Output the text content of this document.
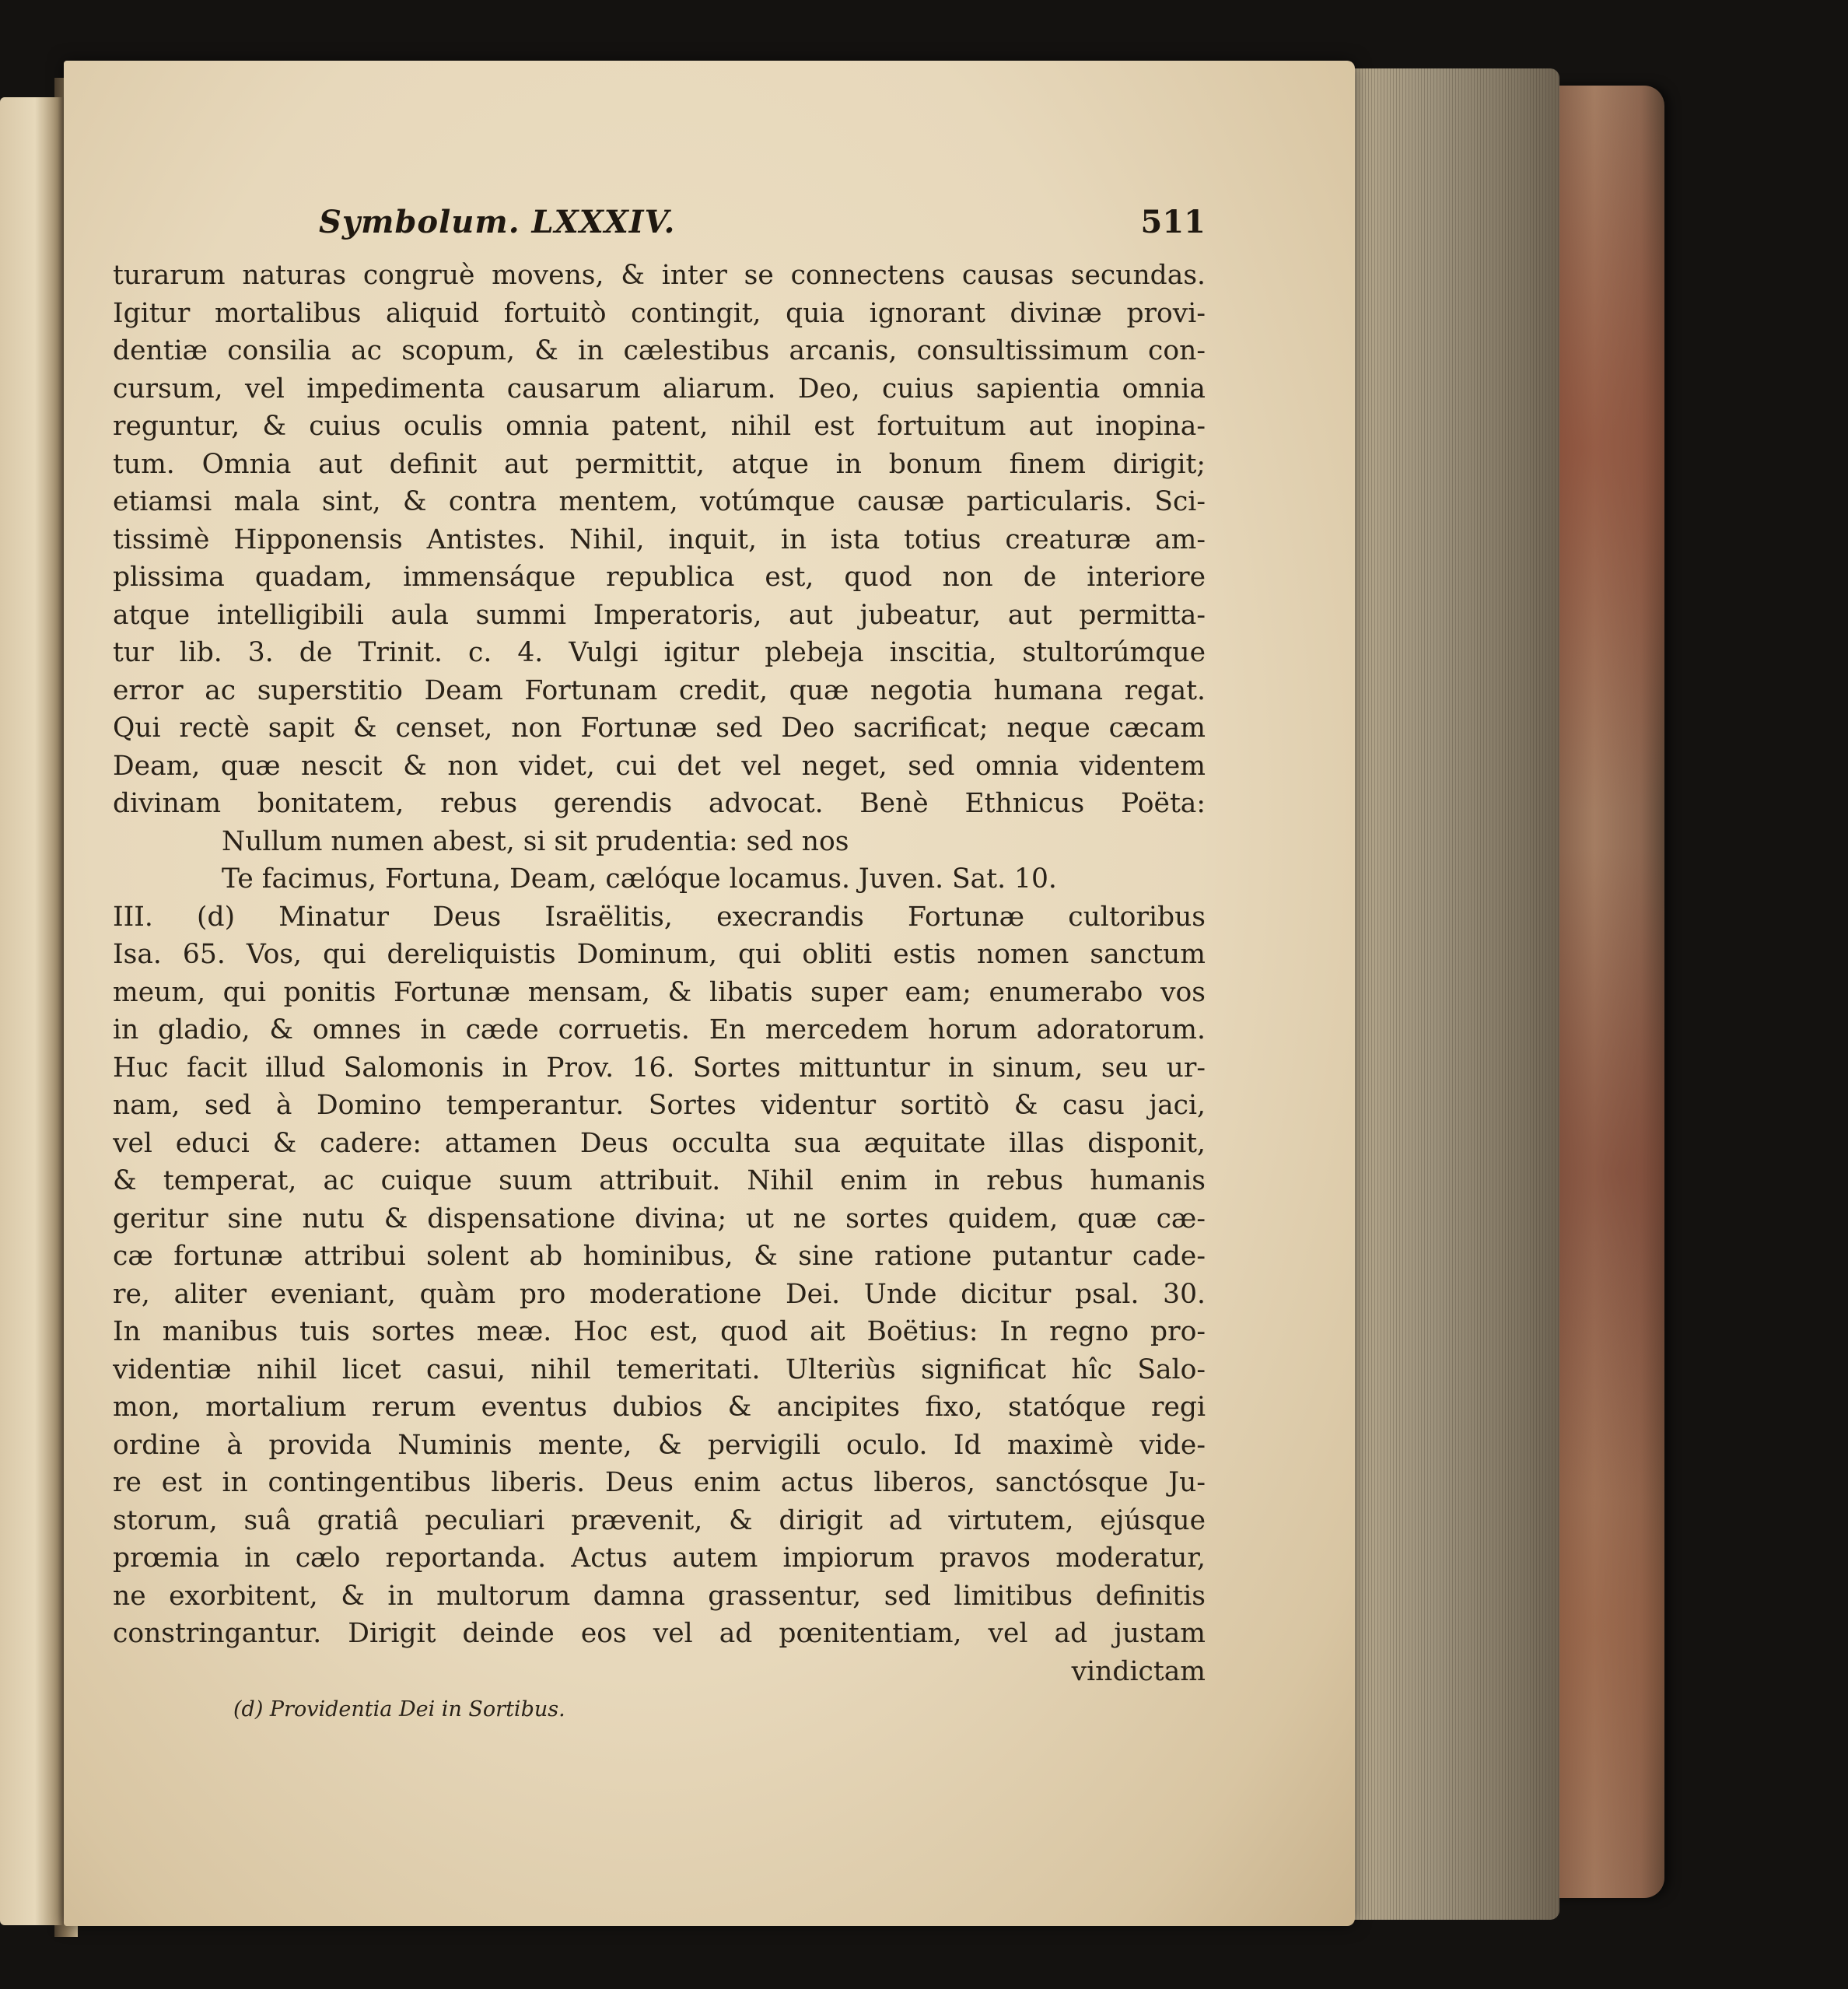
Symbolum. LXXXIV.	511
turarum naturas congruè movens, & inter se connectens causas secundas.
Igitur mortalibus aliquid fortuitò contingit, quia ignorant divinæ provi-
dentiæ consilia ac scopum, & in cælestibus arcanis, consultissimum con-
cursum, vel impedimenta causarum aliarum. Deo, cuius sapientia omnia
reguntur, & cuius oculis omnia patent, nihil est fortuitum aut inopina-
tum. Omnia aut definit aut permittit, atque in bonum finem dirigit;
etiamsi mala sint, & contra mentem, votúmque causæ particularis. Sci-
tissimè Hipponensis Antistes. Nihil, inquit, in ista totius creaturæ am-
plissima quadam, immensáque republica est, quod non de interiore
atque intelligibili aula summi Imperatoris, aut jubeatur, aut permitta-
tur lib. 3. de Trinit. c. 4. Vulgi igitur plebeja inscitia, stultorúmque
error ac superstitio Deam Fortunam credit, quæ negotia humana regat.
Qui rectè sapit & censet, non Fortunæ sed Deo sacrificat; neque cæcam
Deam, quæ nescit & non videt, cui det vel neget, sed omnia videntem
divinam bonitatem, rebus gerendis advocat. Benè Ethnicus Poëta:
Nullum numen abest, si sit prudentia: sed nos
Te facimus, Fortuna, Deam, cælóque locamus. Juven. Sat. 10.
III. (d) Minatur Deus Israëlitis, execrandis Fortunæ cultoribus
Isa. 65. Vos, qui dereliquistis Dominum, qui obliti estis nomen sanctum
meum, qui ponitis Fortunæ mensam, & libatis super eam; enumerabo vos
in gladio, & omnes in cæde corruetis. En mercedem horum adoratorum.
Huc facit illud Salomonis in Prov. 16. Sortes mittuntur in sinum, seu ur-
nam, sed à Domino temperantur. Sortes videntur sortitò & casu jaci,
vel educi & cadere: attamen Deus occulta sua æquitate illas disponit,
& temperat, ac cuique suum attribuit. Nihil enim in rebus humanis
geritur sine nutu & dispensatione divina; ut ne sortes quidem, quæ cæ-
cæ fortunæ attribui solent ab hominibus, & sine ratione putantur cade-
re, aliter eveniant, quàm pro moderatione Dei. Unde dicitur psal. 30.
In manibus tuis sortes meæ. Hoc est, quod ait Boëtius: In regno pro-
videntiæ nihil licet casui, nihil temeritati. Ulteriùs significat hîc Salo-
mon, mortalium rerum eventus dubios & ancipites fixo, statóque regi
ordine à provida Numinis mente, & pervigili oculo. Id maximè vide-
re est in contingentibus liberis. Deus enim actus liberos, sanctósque Ju-
storum, suâ gratiâ peculiari prævenit, & dirigit ad virtutem, ejúsque
prœmia in cælo reportanda. Actus autem impiorum pravos moderatur,
ne exorbitent, & in multorum damna grassentur, sed limitibus definitis
constringantur. Dirigit deinde eos vel ad pœnitentiam, vel ad justam
vindictam
(d) Providentia Dei in Sortibus.
